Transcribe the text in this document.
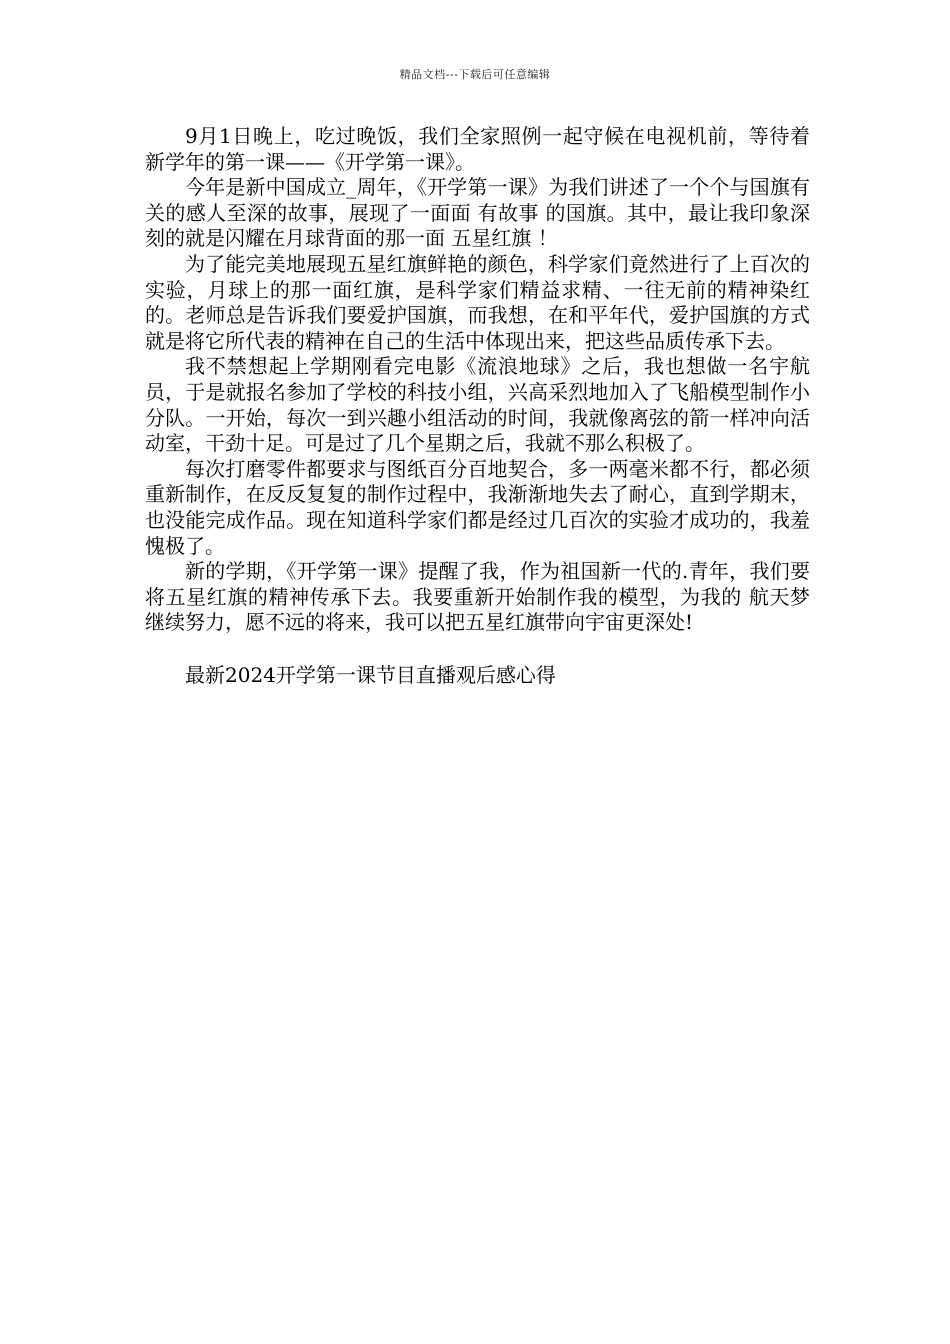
精品文档---下载后可任意编辑

9月1日晚上，吃过晚饭，我们全家照例一起守候在电视机前，等待着新学年的第一课——《开学第一课》。

今年是新中国成立_周年，《开学第一课》为我们讲述了一个个与国旗有关的感人至深的故事，展现了一面面 有故事 的国旗。其中，最让我印象深刻的就是闪耀在月球背面的那一面 五星红旗 ！

为了能完美地展现五星红旗鲜艳的颜色，科学家们竟然进行了上百次的实验，月球上的那一面红旗，是科学家们精益求精、一往无前的精神染红的。老师总是告诉我们要爱护国旗，而我想，在和平年代，爱护国旗的方式就是将它所代表的精神在自己的生活中体现出来，把这些品质传承下去。

我不禁想起上学期刚看完电影《流浪地球》之后，我也想做一名宇航员，于是就报名参加了学校的科技小组，兴高采烈地加入了飞船模型制作小分队。一开始，每次一到兴趣小组活动的时间，我就像离弦的箭一样冲向活动室，干劲十足。可是过了几个星期之后，我就不那么积极了。

每次打磨零件都要求与图纸百分百地契合，多一两毫米都不行，都必须重新制作，在反反复复的制作过程中，我渐渐地失去了耐心，直到学期末，也没能完成作品。现在知道科学家们都是经过几百次的实验才成功的，我羞愧极了。

新的学期，《开学第一课》提醒了我，作为祖国新一代的.青年，我们要将五星红旗的精神传承下去。我要重新开始制作我的模型，为我的 航天梦 继续努力，愿不远的将来，我可以把五星红旗带向宇宙更深处!

最新2024开学第一课节目直播观后感心得
